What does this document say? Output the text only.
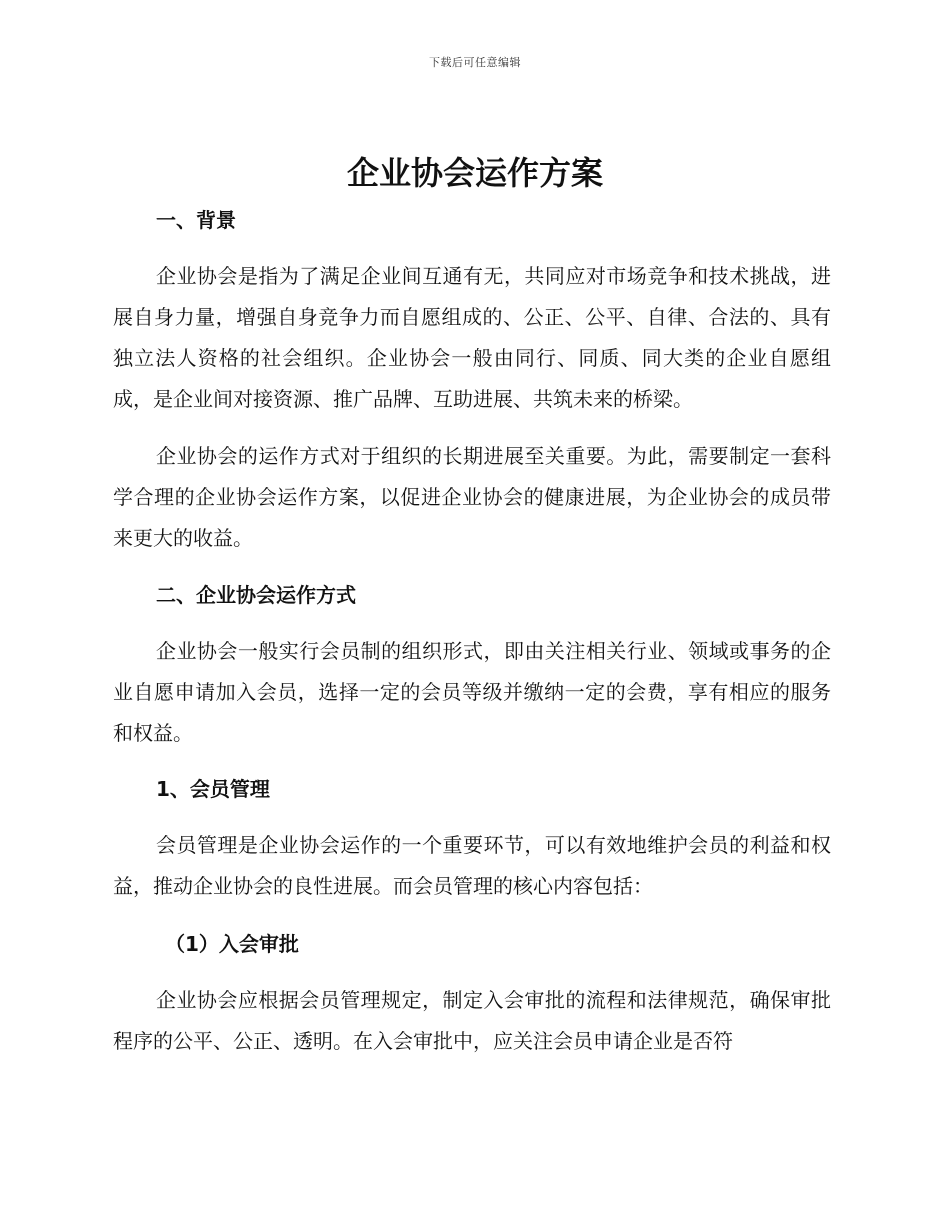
下载后可任意编辑
企业协会运作方案
一、背景

企业协会是指为了满足企业间互通有无，共同应对市场竞争和技术挑战，进展自身力量，增强自身竞争力而自愿组成的、公正、公平、自律、合法的、具有独立法人资格的社会组织。企业协会一般由同行、同质、同大类的企业自愿组成，是企业间对接资源、推广品牌、互助进展、共筑未来的桥梁。

企业协会的运作方式对于组织的长期进展至关重要。为此，需要制定一套科学合理的企业协会运作方案，以促进企业协会的健康进展，为企业协会的成员带来更大的收益。

二、企业协会运作方式

企业协会一般实行会员制的组织形式，即由关注相关行业、领域或事务的企业自愿申请加入会员，选择一定的会员等级并缴纳一定的会费，享有相应的服务和权益。

1、会员管理

会员管理是企业协会运作的一个重要环节，可以有效地维护会员的利益和权益，推动企业协会的良性进展。而会员管理的核心内容包括：

（1）入会审批

企业协会应根据会员管理规定，制定入会审批的流程和法律规范，确保审批程序的公平、公正、透明。在入会审批中，应关注会员申请企业是否符
